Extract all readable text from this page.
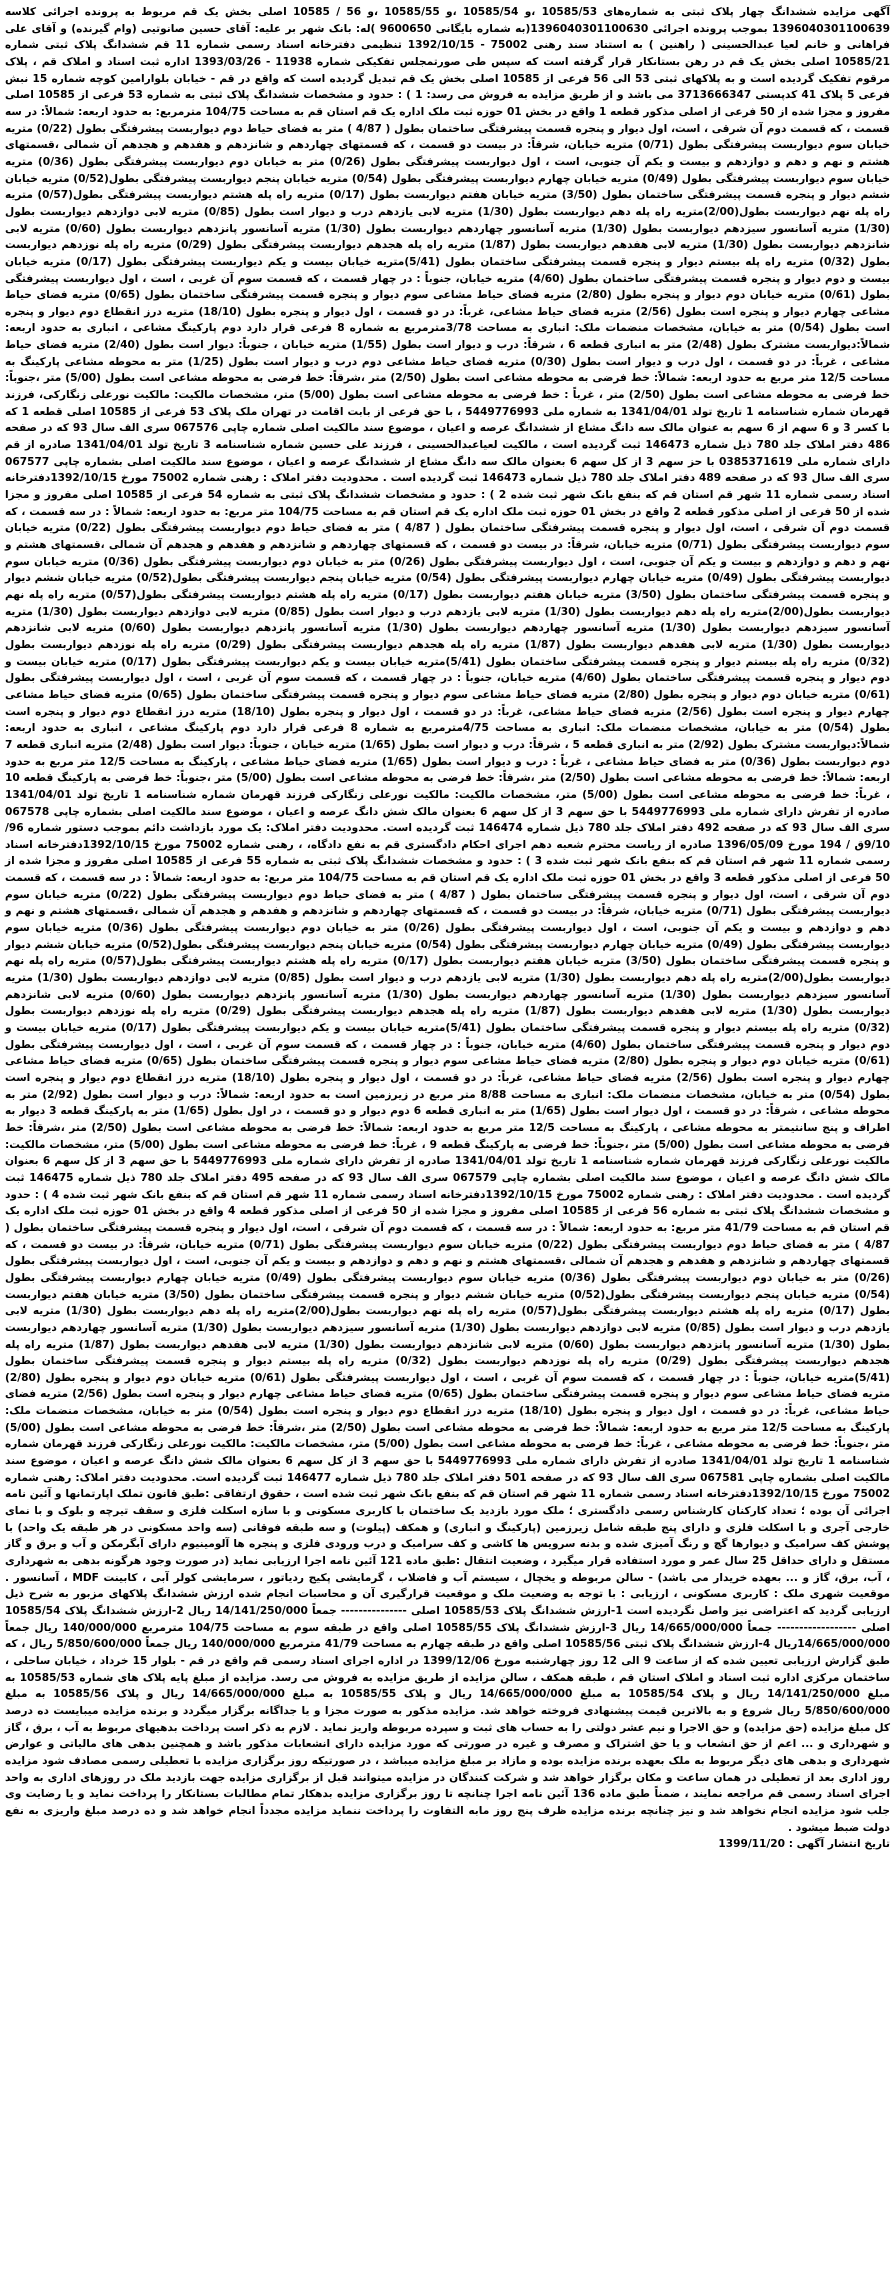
آگهی مزایده ششدانگ چهار پلاک ثبتی به شماره‌های 10585/53 ،و 10585/54 ،و 10585/55 ،و 56 / 10585 اصلی بخش یک قم مربوط به پرونده اجرائی کلاسه 1396040301100639 بموجب پرونده اجرائی 1396040301100630(به شماره بایگانی 9600650 )له: بانک شهر بر علیه: آقای حسین صانوتیی (وام گیرنده) و آقای علی فراهانی و خانم لعیا عبدالحسینی ( راهنین ) به استناد سند رهنی 75002 - 1392/10/15 تنظیمی دفترخانه اسناد رسمی شماره 11 قم ششدانگ پلاک ثبتی شماره 10585/21 اصلی بخش یک قم در رهن بستانکار قرار گرفته است که سپس طی صورتمجلس تفکیکی شماره 11938 - 1393/03/26 اداره ثبت اسناد و املاک قم ، پلاک مرقوم تفکیک گردیده است و به پلاکهای ثبتی 53 الی 56 فرعی از 10585 اصلی بخش یک قم تبدیل گردیده است که واقع در قم - خیابان بلوارامین کوچه شماره 15 نبش فرعی 5 پلاک 41 کدپستی 3713666347 می باشد و از طریق مزایده به فروش می رسد: 1 ) : حدود و مشخصات ششدانگ پلاک ثبتی به شماره 53 فرعی از 10585 اصلی مفروز و مجزا شده از 50 فرعی از اصلی مذکور قطعه 1 واقع در بخش 01 حوزه ثبت ملک اداره یک قم استان قم به مساحت 104/75 مترمربع: به حدود اربعه: شمالاً: در سه قسمت ، که قسمت دوم آن شرقی ، است، اول دیوار و پنجره قسمت پیشرفتگی ساختمان بطول ( 4/87 ) متر به فضای حیاط دوم دیواربست پیشرفتگی بطول (0/22) متریه خیابان سوم دیواربست پیشرفتگی بطول (0/71) متریه خیابان، شرقاً: در بیست دو قسمت ، که قسمتهای چهاردهم و شانزدهم و هفدهم و هجدهم آن شمالی ،قسمتهای هشتم و نهم و دهم و دوازدهم و بیست و یکم آن جنوبی، است ، اول دیواربست پیشرفتگی بطول (0/26) متر به خیابان دوم دیواربست پیشرفتگی بطول (0/36) متریه خیابان سوم دیواربست پیشرفتگی بطول (0/49) متریه خیابان چهارم دیواربست پیشرفتگی بطول (0/54) متریه خیابان پنجم دیواربست پیشرفتگی بطول(0/52) متریه خیابان ششم دیوار و پنجره قسمت پیشرفتگی ساختمان بطول (3/50) متریه خیابان هفتم دیواربست بطول (0/17) متریه راه پله هشتم دیواربست پیشرفتگی بطول(0/57) متریه راه پله نهم دیواربست بطول(2/00)متریه راه پله دهم دیواربست بطول (1/30) متریه لابی یازدهم درب و دیوار است بطول (0/85) متریه لابی دوازدهم دیواربست بطول (1/30) متریه آسانسور سیزدهم دیواربست بطول (1/30) متریه آسانسور چهاردهم دیواربست بطول (1/30) متریه آسانسور پانزدهم دیواربست بطول (0/60) متریه لابی شانزدهم دیواربست بطول (1/30) متریه لابی هفدهم دیواربست بطول (1/87) متریه راه پله هجدهم دیواربست پیشرفتگی بطول (0/29) متریه راه پله نوزدهم دیواربست بطول (0/32) متریه راه پله بیستم دیوار و پنجره قسمت پیشرفتگی ساختمان بطول (5/41)متریه خیابان بیست و یکم دیواربست پیشرفتگی بطول (0/17) متریه خیابان بیست و دوم دیوار و پنجره قسمت پیشرفتگی ساختمان بطول (4/60) متریه خیابان، جنوباً : در چهار قسمت ، که قسمت سوم آن غربی ، است ، اول دیواربست پیشرفتگی بطول (0/61) متریه خیابان دوم دیوار و پنجره بطول (2/80) متریه فضای حیاط مشاعی سوم دیوار و پنجره قسمت پیشرفتگی ساختمان بطول (0/65) متریه فضای حیاط مشاعی چهارم دیوار و پنجره است بطول (2/56) متریه فضای حیاط مشاعی، غرباً: در دو قسمت ، اول دیوار و پنجره بطول (18/10) متریه درز انقطاع دوم دیوار و پنجره است بطول (0/54) متر به خیابان، مشخصات منضمات ملک: انباری به مساحت 3/78مترمربع به شماره 8 فرعی قرار دارد دوم پارکینگ مشاعی ، انباری به حدود اربعه: شمالاً:دیواربست مشترک بطول (2/48) متر به انباری قطعه 6 ، شرقاً: درب و دیوار است بطول (1/55) متریه خیابان ، جنوباً: دیوار است بطول (2/40) متریه فضای حیاط مشاعی ، غرباً: در دو قسمت ، اول درب و دیوار است بطول (0/30) متریه فضای حیاط مشاعی دوم درب و دیوار است بطول (1/25) متر به محوطه مشاعی پارکینگ به مساحت 12/5 متر مربع به حدود اربعه: شمالاً: خط فرضی به محوطه مشاعی است بطول (2/50) متر ،شرقاً: خط فرضی به محوطه مشاعی است بطول (5/00) متر ،جنوباً: خط فرضی به محوطه مشاعی است بطول (2/50) متر ، غرباً : خط فرضی به محوطه مشاعی است بطول (5/00) متر، مشخصات مالکیت: مالکیت نورعلی زنگارکی، فرزند قهرمان شماره شناسنامه 1 تاریخ تولد 1341/04/01 به شماره ملی 5449776993 ، با حق فرعی از بابت اقامت در تهران ملک پلاک 53 فرعی از 10585 اصلی قطعه 1 که با کسر 3 و 6 سهم از 6 سهم به عنوان مالک سه دانگ مشاع از ششدانگ عرصه و اعیان ، موضوع سند مالکیت اصلی شماره چاپی 067576 سری الف سال 93 که در صفحه 486 دفتر املاک جلد 780 ذیل شماره 146473 ثبت گردیده است ، مالکیت لعیاعبدالحسینی ، فرزند علی حسین شماره شناسنامه 3 تاریخ تولد 1341/04/01 صادره از قم دارای شماره ملی 0385371619 با حز سهم 3 از کل سهم 6 بعنوان مالک سه دانگ مشاع از ششدانگ عرصه و اعیان ، موضوع سند مالکیت اصلی بشماره چاپی 067577 سری الف سال 93 که در صفحه 489 دفتر املاک جلد 780 ذیل شماره 146473 ثبت گردیده است . محدودیت دفتر املاک : رهنی شماره 75002 مورخ 1392/10/15دفترخانه اسناد رسمی شماره 11 شهر قم استان قم که بنفع بانک شهر ثبت شده 2 ) : حدود و مشخصات ششدانگ پلاک ثبتی به شماره 54 فرعی از 10585 اصلی مفروز و مجزا شده از 50 فرعی از اصلی مذکور قطعه 2 واقع در بخش 01 حوزه ثبت ملک اداره یک قم استان قم به مساحت 104/75 متر مربع: به حدود اربعه: شمالاً : در سه قسمت ، که قسمت دوم آن شرقی ، است، اول دیوار و پنجره قسمت پیشرفتگی ساختمان بطول ( 4/87 ) متر به فضای حیاط دوم دیواربست پیشرفتگی بطول (0/22) متریه خیابان سوم دیواربست پیشرفتگی بطول (0/71) متریه خیابان، شرقاً: در بیست دو قسمت ، که قسمتهای چهاردهم و شانزدهم و هفدهم و هجدهم آن شمالی ،قسمتهای هشتم و نهم و دهم و دوازدهم و بیست و یکم آن جنوبی، است ، اول دیواربست پیشرفتگی بطول (0/26) متر به خیابان دوم دیواربست پیشرفتگی بطول (0/36) متریه خیابان سوم دیواربست پیشرفتگی بطول (0/49) متریه خیابان چهارم دیواربست پیشرفتگی بطول (0/54) متریه خیابان پنجم دیواربست پیشرفتگی بطول(0/52) متریه خیابان ششم دیوار و پنجره قسمت پیشرفتگی ساختمان بطول (3/50) متریه خیابان هفتم دیواربست بطول (0/17) متریه راه پله هشتم دیواربست پیشرفتگی بطول(0/57) متریه راه پله نهم دیواربست بطول(2/00)متریه راه پله دهم دیواربست بطول (1/30) متریه لابی یازدهم درب و دیوار است بطول (0/85) متریه لابی دوازدهم دیواربست بطول (1/30) متریه آسانسور سیزدهم دیواربست بطول (1/30) متریه آسانسور چهاردهم دیواربست بطول (1/30) متریه آسانسور پانزدهم دیواربست بطول (0/60) متریه لابی شانزدهم دیواربست بطول (1/30) متریه لابی هفدهم دیواربست بطول (1/87) متریه راه پله هجدهم دیواربست پیشرفتگی بطول (0/29) متریه راه پله نوزدهم دیواربست بطول (0/32) متریه راه پله بیستم دیوار و پنجره قسمت پیشرفتگی ساختمان بطول (5/41)متریه خیابان بیست و یکم دیواربست پیشرفتگی بطول (0/17) متریه خیابان بیست و دوم دیوار و پنجره قسمت پیشرفتگی ساختمان بطول (4/60) متریه خیابان، جنوباً : در چهار قسمت ، که قسمت سوم آن غربی ، است ، اول دیواربست پیشرفتگی بطول (0/61) متریه خیابان دوم دیوار و پنجره بطول (2/80) متریه فضای حیاط مشاعی سوم دیوار و پنجره قسمت پیشرفتگی ساختمان بطول (0/65) متریه فضای حیاط مشاعی چهارم دیوار و پنجره است بطول (2/56) متریه فضای حیاط مشاعی، غرباً: در دو قسمت ، اول دیوار و پنجره بطول (18/10) متریه درز انقطاع دوم دیوار و پنجره است بطول (0/54) متر به خیابان، مشخصات منضمات ملک: انباری به مساحت 4/75مترمربع به شماره 8 فرعی قرار دارد دوم پارکینگ مشاعی ، انباری به حدود اربعه: شمالاً:دیواربست مشترک بطول (2/92) متر به انباری قطعه 5 ، شرقاً: درب و دیوار است بطول (1/65) متریه خیابان ، جنوباً: دیوار است بطول (2/48) متریه انباری قطعه 7 دوم دیواربست بطول (0/36) متر به فضای حیاط مشاعی ، غرباً : درب و دیوار است بطول (1/65) متریه فضای حیاط مشاعی ، پارکینگ به مساحت 12/5 متر مربع به حدود اربعه: شمالاً: خط فرضی به محوطه مشاعی است بطول (2/50) متر ،شرقاً: خط فرضی به محوطه مشاعی است بطول (5/00) متر ،جنوباً: خط فرضی به پارکینگ قطعه 10 ، غرباً: خط فرضی به محوطه مشاعی است بطول (5/00) متر، مشخصات مالکیت: مالکیت نورعلی زنگارکی فرزند قهرمان شماره شناسنامه 1 تاریخ تولد 1341/04/01 صادره از تفرش دارای شماره ملی 5449776993 با حق سهم 3 از کل سهم 6 بعنوان مالک شش دانگ عرصه و اعیان ، موضوع سند مالکیت اصلی بشماره چاپی 067578 سری الف سال 93 که در صفحه 492 دفتر املاک جلد 780 ذیل شماره 146474 ثبت گردیده است. محدودیت دفتر املاک: یک مورد بازداشت دائم بموجب دستور شماره 96/ 9/10ق / 194 مورخ 1396/05/09 صادره از ریاست محترم شعبه دهم اجرای احکام دادگستری قم به نفع دادگاه، ، رهنی شماره 75002 مورخ 1392/10/15دفترخانه اسناد رسمی شماره 11 شهر قم استان قم که بنفع بانک شهر ثبت شده 3 ) : حدود و مشخصات ششدانگ پلاک ثبتی به شماره 55 فرعی از 10585 اصلی مفروز و مجزا شده از 50 فرعی از اصلی مذکور قطعه 3 واقع در بخش 01 حوزه ثبت ملک اداره یک قم استان قم به مساحت 104/75 متر مربع: به حدود اربعه: شمالاً : در سه قسمت ، که قسمت دوم آن شرقی ، است، اول دیوار و پنجره قسمت پیشرفتگی ساختمان بطول ( 4/87 ) متر به فضای حیاط دوم دیواربست پیشرفتگی بطول (0/22) متریه خیابان سوم دیواربست پیشرفتگی بطول (0/71) متریه خیابان، شرقاً: در بیست دو قسمت ، که قسمتهای چهاردهم و شانزدهم و هفدهم و هجدهم آن شمالی ،قسمتهای هشتم و نهم و دهم و دوازدهم و بیست و یکم آن جنوبی، است ، اول دیواربست پیشرفتگی بطول (0/26) متر به خیابان دوم دیواربست پیشرفتگی بطول (0/36) متریه خیابان سوم دیواربست پیشرفتگی بطول (0/49) متریه خیابان چهارم دیواربست پیشرفتگی بطول (0/54) متریه خیابان پنجم دیواربست پیشرفتگی بطول(0/52) متریه خیابان ششم دیوار و پنجره قسمت پیشرفتگی ساختمان بطول (3/50) متریه خیابان هفتم دیواربست بطول (0/17) متریه راه پله هشتم دیواربست پیشرفتگی بطول(0/57) متریه راه پله نهم دیواربست بطول(2/00)متریه راه پله دهم دیواربست بطول (1/30) متریه لابی یازدهم درب و دیوار است بطول (0/85) متریه لابی دوازدهم دیواربست بطول (1/30) متریه آسانسور سیزدهم دیواربست بطول (1/30) متریه آسانسور چهاردهم دیواربست بطول (1/30) متریه آسانسور پانزدهم دیواربست بطول (0/60) متریه لابی شانزدهم دیواربست بطول (1/30) متریه لابی هفدهم دیواربست بطول (1/87) متریه راه پله هجدهم دیواربست پیشرفتگی بطول (0/29) متریه راه پله نوزدهم دیواربست بطول (0/32) متریه راه پله بیستم دیوار و پنجره قسمت پیشرفتگی ساختمان بطول (5/41)متریه خیابان بیست و یکم دیواربست پیشرفتگی بطول (0/17) متریه خیابان بیست و دوم دیوار و پنجره قسمت پیشرفتگی ساختمان بطول (4/60) متریه خیابان، جنوباً : در چهار قسمت ، که قسمت سوم آن غربی ، است ، اول دیواربست پیشرفتگی بطول (0/61) متریه خیابان دوم دیوار و پنجره بطول (2/80) متریه فضای حیاط مشاعی سوم دیوار و پنجره قسمت پیشرفتگی ساختمان بطول (0/65) متریه فضای حیاط مشاعی چهارم دیوار و پنجره است بطول (2/56) متریه فضای حیاط مشاعی، غرباً: در دو قسمت ، اول دیوار و پنجره بطول (18/10) متریه درز انقطاع دوم دیوار و پنجره است بطول (0/54) متر به خیابان، مشخصات منضمات ملک: انباری به مساحت 8/88 متر مربع در زیرزمین است به حدود اربعه: شمالاً: درب و دیوار است بطول (2/92) متر به محوطه مشاعی ، شرقاً: در دو قسمت ، اول دیوار است بطول (1/65) متر به انباری قطعه 6 دوم دیوار و دو قسمت ، در اول بطول (1/65) متر به پارکینگ قطعه 3 دیوار به اطراف و پنج سانتیمتر به محوطه مشاعی ، پارکینگ به مساحت 12/5 متر مربع به حدود اربعه: شمالاً: خط فرضی به محوطه مشاعی است بطول (2/50) متر ،شرقاً: خط فرضی به محوطه مشاعی است بطول (5/00) متر ،جنوباً: خط فرضی به پارکینگ قطعه 9 ، غرباً: خط فرضی به محوطه مشاعی است بطول (5/00) متر، مشخصات مالکیت: مالکیت نورعلی زنگارکی فرزند قهرمان شماره شناسنامه 1 تاریخ تولد 1341/04/01 صادره از تفرش دارای شماره ملی 5449776993 با حق سهم 3 از کل سهم 6 بعنوان مالک شش دانگ عرصه و اعیان ، موضوع سند مالکیت اصلی بشماره چاپی 067579 سری الف سال 93 که در صفحه 495 دفتر املاک جلد 780 ذیل شماره 146475 ثبت گردیده است . محدودیت دفتر املاک : رهنی شماره 75002 مورخ 1392/10/15دفترخانه اسناد رسمی شماره 11 شهر قم استان قم که بنفع بانک شهر ثبت شده 4 ) : حدود و مشخصات ششدانگ پلاک ثبتی به شماره 56 فرعی از 10585 اصلی مفروز و مجزا شده از 50 فرعی از اصلی مذکور قطعه 4 واقع در بخش 01 حوزه ثبت ملک اداره یک قم استان قم به مساحت 41/79 متر مربع: به حدود اربعه: شمالاً : در سه قسمت ، که قسمت دوم آن شرقی ، است، اول دیوار و پنجره قسمت پیشرفتگی ساختمان بطول ( 4/87 ) متر به فضای حیاط دوم دیواربست پیشرفتگی بطول (0/22) متریه خیابان سوم دیواربست پیشرفتگی بطول (0/71) متریه خیابان، شرقاً: در بیست دو قسمت ، که قسمتهای چهاردهم و شانزدهم و هفدهم و هجدهم آن شمالی ،قسمتهای هشتم و نهم و دهم و دوازدهم و بیست و یکم آن جنوبی، است ، اول دیواربست پیشرفتگی بطول (0/26) متر به خیابان دوم دیواربست پیشرفتگی بطول (0/36) متریه خیابان سوم دیواربست پیشرفتگی بطول (0/49) متریه خیابان چهارم دیواربست پیشرفتگی بطول (0/54) متریه خیابان پنجم دیواربست پیشرفتگی بطول(0/52) متریه خیابان ششم دیوار و پنجره قسمت پیشرفتگی ساختمان بطول (3/50) متریه خیابان هفتم دیواربست بطول (0/17) متریه راه پله هشتم دیواربست پیشرفتگی بطول(0/57) متریه راه پله نهم دیواربست بطول(2/00)متریه راه پله دهم دیواربست بطول (1/30) متریه لابی یازدهم درب و دیوار است بطول (0/85) متریه لابی دوازدهم دیواربست بطول (1/30) متریه آسانسور سیزدهم دیواربست بطول (1/30) متریه آسانسور چهاردهم دیواربست بطول (1/30) متریه آسانسور پانزدهم دیواربست بطول (0/60) متریه لابی شانزدهم دیواربست بطول (1/30) متریه لابی هفدهم دیواربست بطول (1/87) متریه راه پله هجدهم دیواربست پیشرفتگی بطول (0/29) متریه راه پله نوزدهم دیواربست بطول (0/32) متریه راه پله بیستم دیوار و پنجره قسمت پیشرفتگی ساختمان بطول (5/41)متریه خیابان، جنوباً : در چهار قسمت ، که قسمت سوم آن غربی ، است ، اول دیواربست پیشرفتگی بطول (0/61) متریه خیابان دوم دیوار و پنجره بطول (2/80) متریه فضای حیاط مشاعی سوم دیوار و پنجره قسمت پیشرفتگی ساختمان بطول (0/65) متریه فضای حیاط مشاعی چهارم دیوار و پنجره است بطول (2/56) متریه فضای حیاط مشاعی، غرباً: در دو قسمت ، اول دیوار و پنجره بطول (18/10) متریه درز انقطاع دوم دیوار و پنجره است بطول (0/54) متر به خیابان، مشخصات منضمات ملک: پارکینگ به مساحت 12/5 متر مربع به حدود اربعه: شمالاً: خط فرضی به محوطه مشاعی است بطول (2/50) متر ،شرقاً: خط فرضی به محوطه مشاعی است بطول (5/00) متر ،جنوباً: خط فرضی به محوطه مشاعی ، غرباً: خط فرضی به محوطه مشاعی است بطول (5/00) متر، مشخصات مالکیت: مالکیت نورعلی زنگارکی فرزند قهرمان شماره شناسنامه 1 تاریخ تولد 1341/04/01 صادره از تفرش دارای شماره ملی 5449776993 با حق سهم 3 از کل سهم 6 بعنوان مالک شش دانگ عرصه و اعیان ، موضوع سند مالکیت اصلی بشماره چاپی 067581 سری الف سال 93 که در صفحه 501 دفتر املاک جلد 780 ذیل شماره 146477 ثبت گردیده است. محدودیت دفتر املاک: رهنی شماره 75002 مورخ 1392/10/15دفترخانه اسناد رسمی شماره 11 شهر قم استان قم که بنفع بانک شهر ثبت شده است ، حقوق ارتفاقی :طبق قانون تملک اپارتمانها و آئین نامه اجرائی آن بوده ؛ تعداد کارکنان کارشناس رسمی دادگستری ؛ ملک مورد بازدید یک ساختمان با کاربری مسکونی و با سازه اسکلت فلزی و سقف تیرچه و بلوک و با نمای خارجی آجری و با اسکلت فلزی و دارای پنج طبقه شامل زیرزمین (پارکینگ و انباری) و همکف (پیلوت) و سه طبقه فوقانی (سه واحد مسکونی در هر طبقه یک واحد) با پوشش کف سرامیک و دیوارها گچ و رنگ آمیزی شده و بدنه سرویس ها کاشی و کف سرامیک و درب ورودی فلزی و پنجره ها آلومینیوم دارای آبگرمکن و آب و برق و گاز مستقل و دارای حداقل 25 سال عمر و مورد استفاده قرار میگیرد ، وضعیت انتقال :طبق ماده 121 آئین نامه اجرا ارزیابی نماید (در صورت وجود هرگونه بدهی به شهرداری ، آب، برق، گاز و ... بعهده خریدار می باشد) - سالن مربوطه و یخچال ، سیستم آب و فاضلاب ، گرمایشی پکیج ردیاتور ، سرمایشی کولر آبی ، کابینت MDF ، آسانسور . موقعیت شهری ملک : کاربری مسکونی ، ارزیابی : با توجه به وضعیت ملک و موقعیت قرارگیری آن و محاسبات انجام شده ارزش ششدانگ پلاکهای مزبور به شرح ذیل ارزیابی گردید که اعتراضی نیز واصل نگردیده است 1-ارزش ششدانگ پلاک 10585/53 اصلی --------------- جمعاً 14/141/250/000 ریال 2-ارزش ششدانگ پلاک 10585/54 اصلی ------------------ جمعاً 14/665/000/000 ریال 3-ارزش ششدانگ پلاک 10585/55 اصلی واقع در طبقه سوم به مساحت 104/75 مترمربع 140/000/000 ریال جمعاً 14/665/000/000ریال 4-ارزش ششدانگ پلاک ثبتی 10585/56 اصلی واقع در طبقه چهارم به مساحت 41/79 مترمربع 140/000/000 ریال جمعاً 5/850/600/000 ریال ، که طبق گزارش ارزیابی تعیین شده که از ساعت 9 الی 12 روز چهارشنبه مورخ 1399/12/06 در اداره اجرای اسناد رسمی قم واقع در قم - بلوار 15 خرداد ، خیابان ساحلی ، ساختمان مرکزی اداره ثبت اسناد و املاک استان قم ، طبقه همکف ، سالن مزایده از طریق مزایده به فروش می رسد. مزایده از مبلغ پایه پلاک های شماره 10585/53 به مبلغ 14/141/250/000 ریال و پلاک 10585/54 به مبلغ 14/665/000/000 ریال و پلاک 10585/55 به مبلغ 14/665/000/000 ریال و پلاک 10585/56 به مبلغ 5/850/600/000 ریال شروع و به بالاترین قیمت پیشنهادی فروخته خواهد شد. مزایده مذکور به صورت مجزا و یا جداگانه برگزار میگردد و برنده مزایده میبایست ده درصد کل مبلغ مزایده (حق مزایده) و حق الاجرا و نیم عشر دولتی را به حساب های ثبت و سپرده مربوطه واریز نماید . لازم به ذکر است پرداخت بدهیهای مربوط به آب ، برق ، گاز و شهرداری و ... اعم از حق انشعاب و یا حق اشتراک و مصرف و غیره در صورتی که مورد مزایده دارای انشعابات مذکور باشد و همچنین بدهی های مالیاتی و عوارض شهرداری و بدهی های دیگر مربوط به ملک بعهده برنده مزایده بوده و مازاد بر مبلغ مزایده میباشد ، در صورتیکه روز برگزاری مزایده با تعطیلی رسمی مصادف شود مزایده روز اداری بعد از تعطیلی در همان ساعت و مکان برگزار خواهد شد و شرکت کنندگان در مزایده میتوانند قبل از برگزاری مزایده جهت بازدید ملک در روزهای اداری به واحد اجرای اسناد رسمی قم مراجعه نمایند ، ضمناً طبق ماده 136 آئین نامه اجرا چنانچه تا روز برگزاری مزایده بدهکار تمام مطالبات بستانکار را پرداخت نماید و یا رضایت وی جلب شود مزایده انجام نخواهد شد و نیز چنانچه برنده مزایده ظرف پنج روز مابه التفاوت را پرداخت ننماید مزایده مجدداً انجام خواهد شد و ده درصد مبلغ واریزی به نفع دولت ضبط میشود .

تاریخ انتشار آگهی : 1399/11/20
